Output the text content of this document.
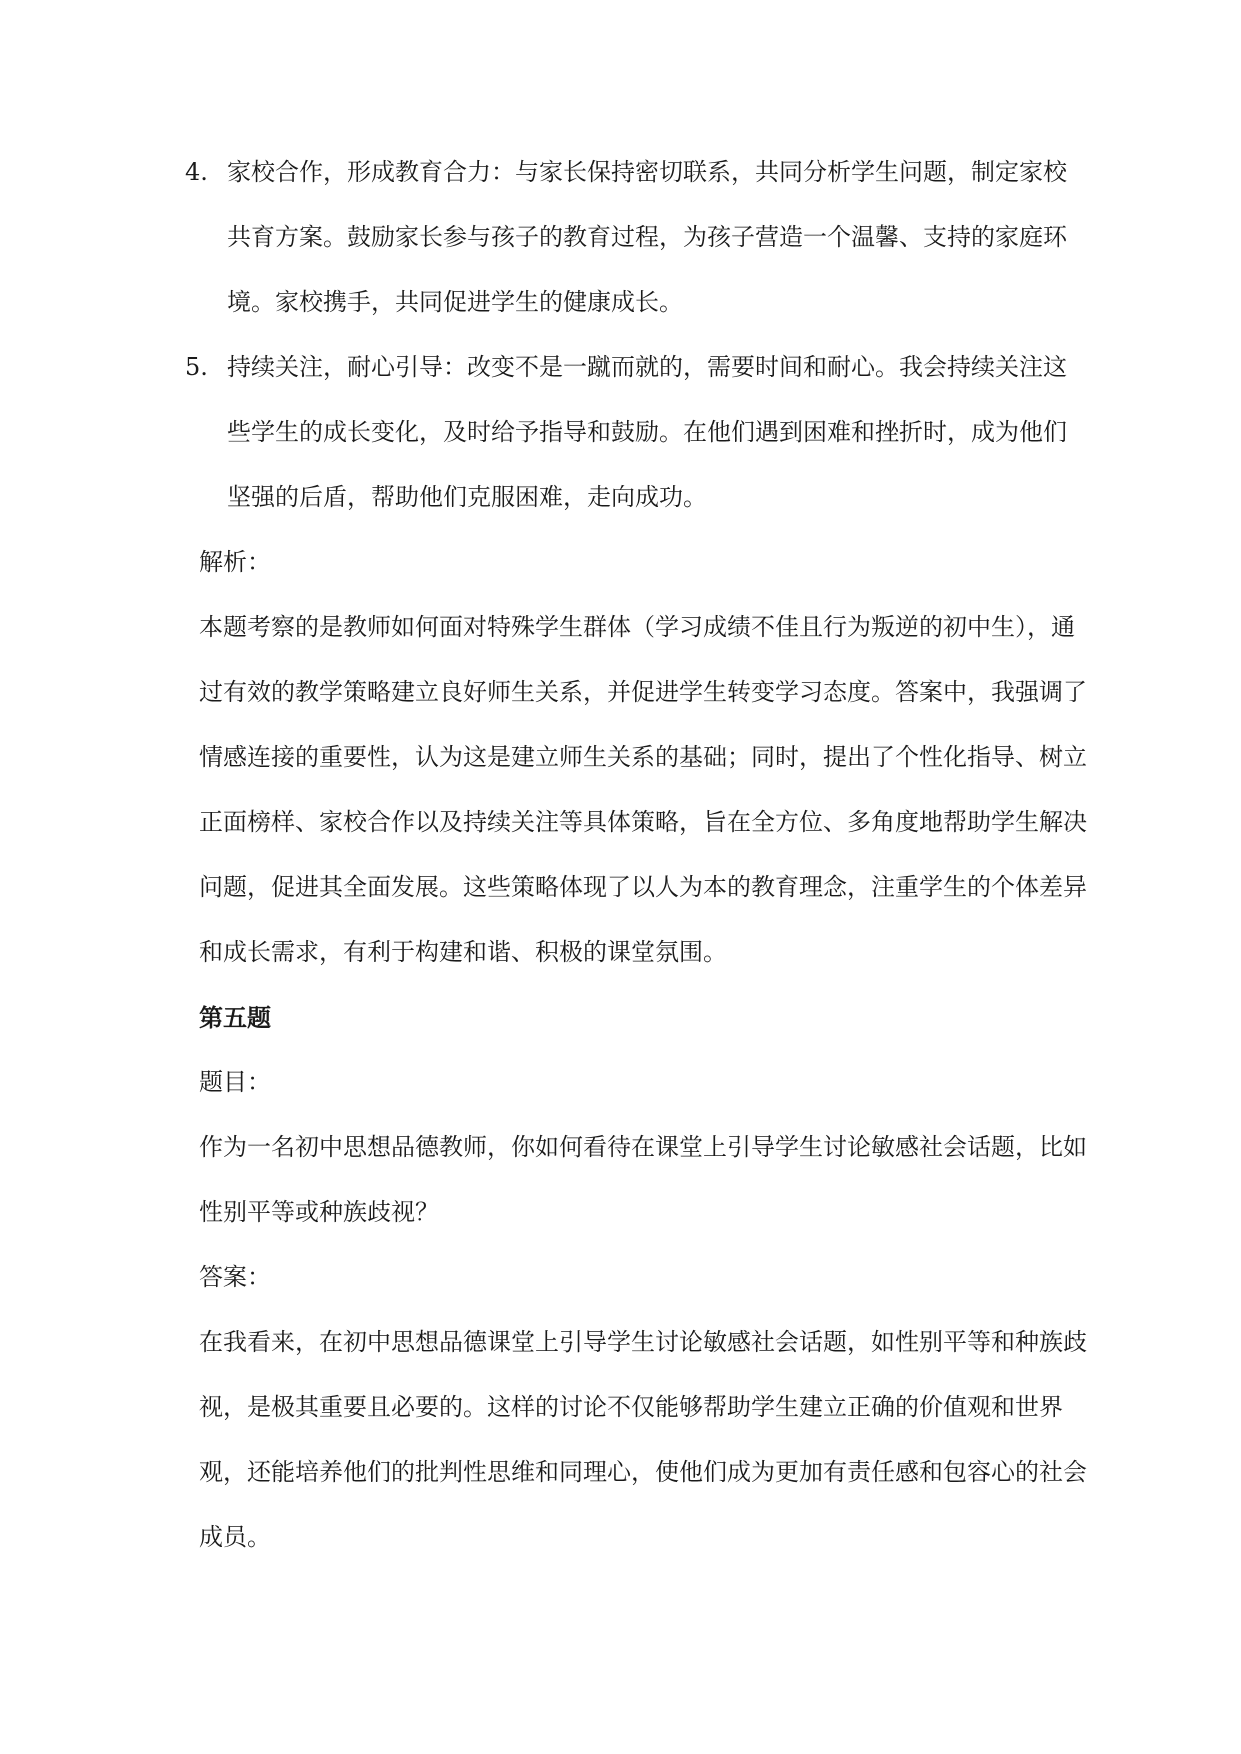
4. 家校合作，形成教育合力：与家长保持密切联系，共同分析学生问题，制定家校共育方案。鼓励家长参与孩子的教育过程，为孩子营造一个温馨、支持的家庭环境。家校携手，共同促进学生的健康成长。
5. 持续关注，耐心引导：改变不是一蹴而就的，需要时间和耐心。我会持续关注这些学生的成长变化，及时给予指导和鼓励。在他们遇到困难和挫折时，成为他们坚强的后盾，帮助他们克服困难，走向成功。

解析：

本题考察的是教师如何面对特殊学生群体（学习成绩不佳且行为叛逆的初中生），通过有效的教学策略建立良好师生关系，并促进学生转变学习态度。答案中，我强调了情感连接的重要性，认为这是建立师生关系的基础；同时，提出了个性化指导、树立正面榜样、家校合作以及持续关注等具体策略，旨在全方位、多角度地帮助学生解决问题，促进其全面发展。这些策略体现了以人为本的教育理念，注重学生的个体差异和成长需求，有利于构建和谐、积极的课堂氛围。

第五题

题目：

作为一名初中思想品德教师，你如何看待在课堂上引导学生讨论敏感社会话题，比如性别平等或种族歧视？

答案：

在我看来，在初中思想品德课堂上引导学生讨论敏感社会话题，如性别平等和种族歧视，是极其重要且必要的。这样的讨论不仅能够帮助学生建立正确的价值观和世界观，还能培养他们的批判性思维和同理心，使他们成为更加有责任感和包容心的社会成员。
